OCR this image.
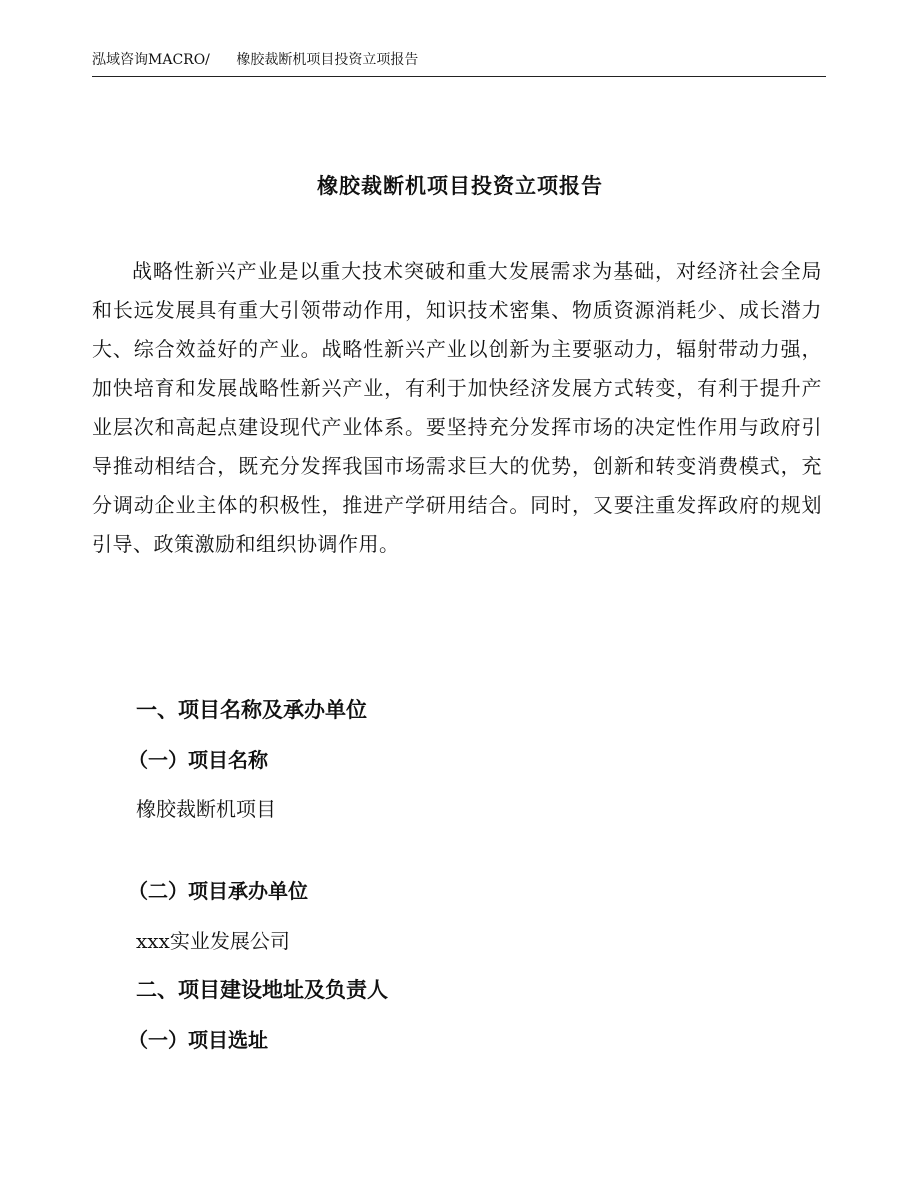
泓域咨询MACRO/ 橡胶裁断机项目投资立项报告
橡胶裁断机项目投资立项报告
战略性新兴产业是以重大技术突破和重大发展需求为基础，对经济社会全局和长远发展具有重大引领带动作用，知识技术密集、物质资源消耗少、成长潜力大、综合效益好的产业。战略性新兴产业以创新为主要驱动力，辐射带动力强，加快培育和发展战略性新兴产业，有利于加快经济发展方式转变，有利于提升产业层次和高起点建设现代产业体系。要坚持充分发挥市场的决定性作用与政府引导推动相结合，既充分发挥我国市场需求巨大的优势，创新和转变消费模式，充分调动企业主体的积极性，推进产学研用结合。同时，又要注重发挥政府的规划引导、政策激励和组织协调作用。
一、项目名称及承办单位
（一）项目名称
橡胶裁断机项目
（二）项目承办单位
xxx实业发展公司
二、项目建设地址及负责人
（一）项目选址
